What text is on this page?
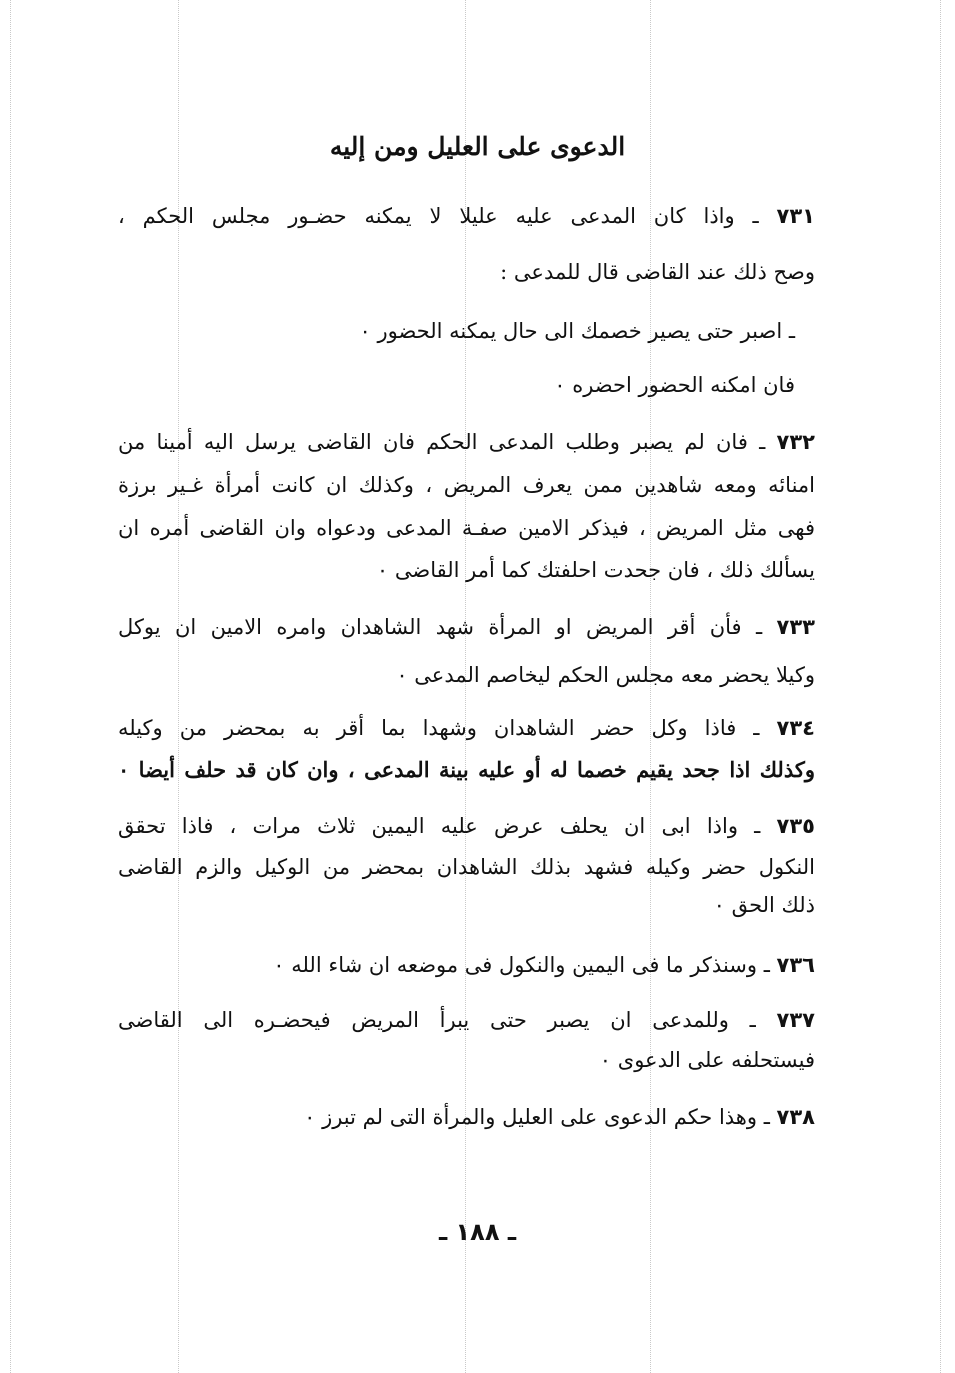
الدعوى على العليل ومن إليه
٧٣١ ـ واذا كان المدعى عليه عليلا لا يمكنه حضـور مجلس الحكم ،
وصح ذلك عند القاضى قال للمدعى :
ـ اصبر حتى يصير خصمك الى حال يمكنه الحضور ٠
فان امكنه الحضور احضره ٠
٧٣٢ ـ فان لم يصبر وطلب المدعى الحكم فان القاضى يرسل اليه أمينا من
امنائه ومعه شاهدين ممن يعرف المريض ، وكذلك ان كانت أمرأة غـير برزة
فهى مثل المريض ، فيذكر الامين صفـة المدعى ودعواه وان القاضى أمره ان
يسألك ذلك ، فان جحدت احلفتك كما أمر القاضى ٠
٧٣٣ ـ فأن أقر المريض او المرأة شهد الشاهدان وامره الامين ان يوكل
وكيلا يحضر معه مجلس الحكم ليخاصم المدعى ٠
٧٣٤ ـ فاذا وكل حضر الشاهدان وشهدا بما أقر به بمحضر من وكيله
وكذلك اذا جحد يقيم خصما له أو عليه بينة المدعى ، وان كان قد حلف أيضا ٠
٧٣٥ ـ واذا ابى ان يحلف عرض عليه اليمين ثلاث مرات ، فاذا تحقق
النكول حضر وكيله فشهد بذلك الشاهدان بمحضر من الوكيل والزم القاضى
ذلك الحق ٠
٧٣٦ ـ وسنذكر ما فى اليمين والنكول فى موضعه ان شاء الله ٠
٧٣٧ ـ وللمدعى ان يصبر حتى يبرأ المريض فيحضـره الى القاضى
فيستحلفه على الدعوى ٠
٧٣٨ ـ وهذا حكم الدعوى على العليل والمرأة التى لم تبرز ٠
ـ ١٨٨ ـ
